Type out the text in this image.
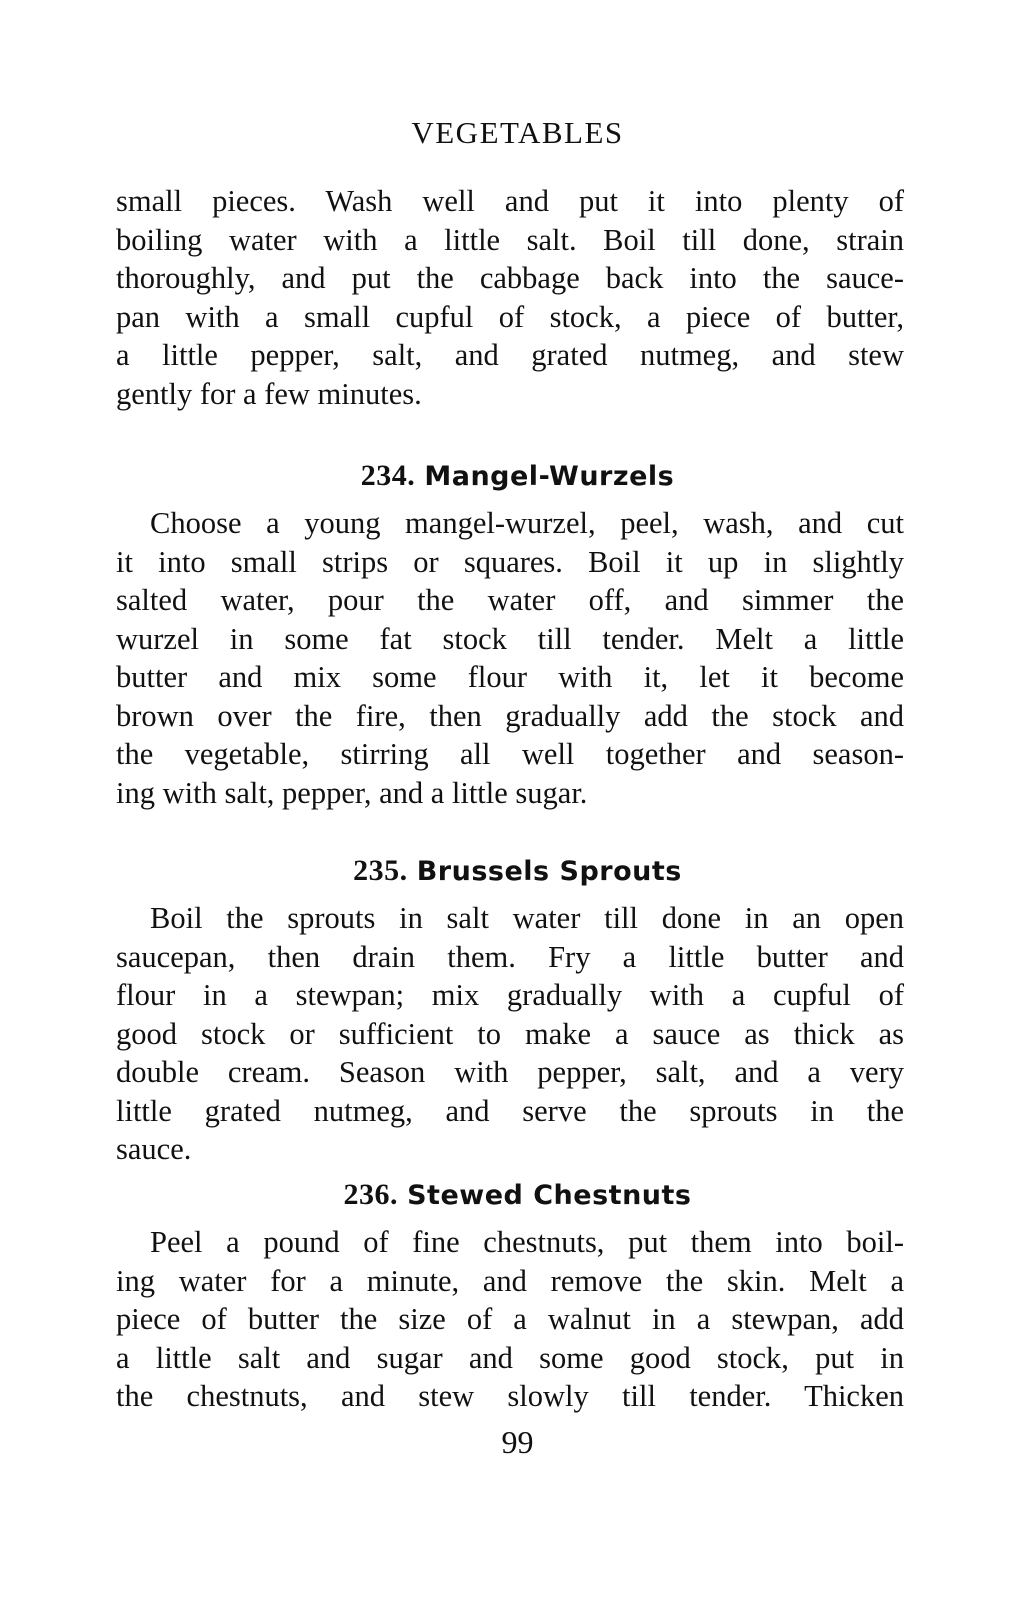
VEGETABLES
small pieces. Wash well and put it into plenty of
boiling water with a little salt. Boil till done, strain
thoroughly, and put the cabbage back into the sauce-
pan with a small cupful of stock, a piece of butter,
a little pepper, salt, and grated nutmeg, and stew
gently for a few minutes.
234. Mangel-Wurzels
Choose a young mangel-wurzel, peel, wash, and cut
it into small strips or squares. Boil it up in slightly
salted water, pour the water off, and simmer the
wurzel in some fat stock till tender. Melt a little
butter and mix some flour with it, let it become
brown over the fire, then gradually add the stock and
the vegetable, stirring all well together and season-
ing with salt, pepper, and a little sugar.
235. Brussels Sprouts
Boil the sprouts in salt water till done in an open
saucepan, then drain them. Fry a little butter and
flour in a stewpan; mix gradually with a cupful of
good stock or sufficient to make a sauce as thick as
double cream. Season with pepper, salt, and a very
little grated nutmeg, and serve the sprouts in the
sauce.
236. Stewed Chestnuts
Peel a pound of fine chestnuts, put them into boil-
ing water for a minute, and remove the skin. Melt a
piece of butter the size of a walnut in a stewpan, add
a little salt and sugar and some good stock, put in
the chestnuts, and stew slowly till tender. Thicken
99
